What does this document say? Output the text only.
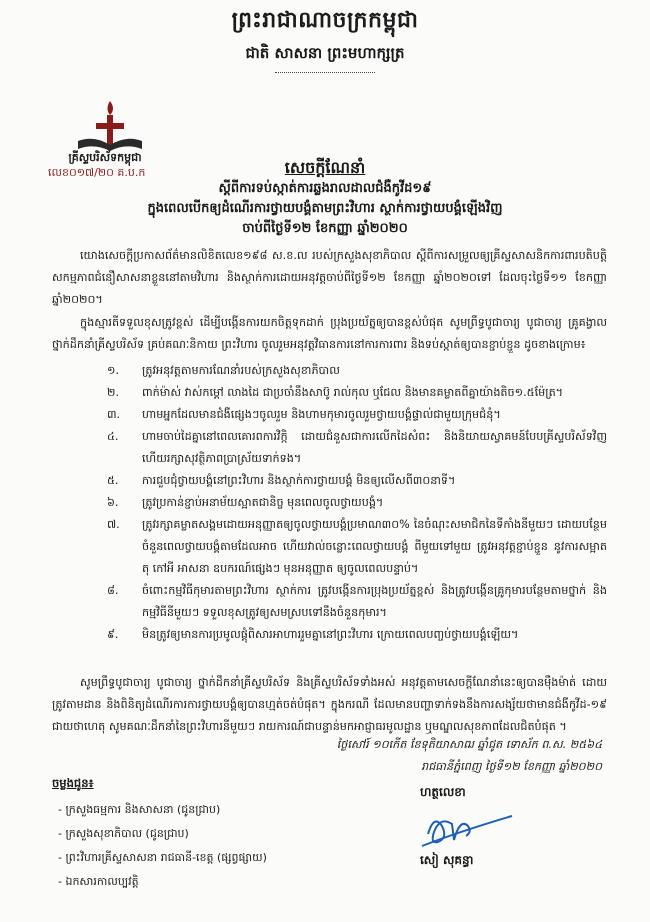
ព្រះរាជាណាចក្រកម្ពុជា
ជាតិ សាសនា ព្រះមហាក្សត្រ
គ្រីស្ទបរិស័ទកម្ពុជា
លេខ០១៧/២០ គ.ប.ក	សេចក្ដីណែនាំ
ស្ដីពីការទប់ស្កាត់ការឆ្លងរាលដាលជំងឺកូវីដ១៩
ក្នុងពេលបើកឲ្យដំណើរការថ្វាយបង្គំតាមព្រះវិហារ ស្ថាក់ការថ្វាយបង្គំឡើងវិញ
ចាប់ពីថ្ងៃទី១២ ខែកញ្ញា ឆ្នាំ២០២០
យោងសេចក្តីប្រកាសព័ត៌មានលិខិតលេខ១៩៨ ស.ខ.ល របស់ក្រសួងសុខាភិបាល ស្តីពីការសម្រួលឲ្យគ្រីស្ទសាសនិកការពារបតិបត្តិសកម្មភាពជំនឿសាសនាខ្លួននៅតាមវិហារ និងស្ថាក់ការដោយអនុវត្តចាប់ពីថ្ងៃទី១២ ខែកញ្ញា ឆ្នាំ២០២០ទៅ ដែលចុះថ្ងៃទី១១ ខែកញ្ញា ឆ្នាំ២០២០។
ក្នុងស្មារតីទទួលខុសត្រូវខ្ពស់ ដើម្បីបង្កើនការយកចិត្តទុកដាក់ ប្រុងប្រយ័ត្នឲ្យបានខ្ពស់បំផុត សូមព្រឹទ្ធបូជាចារ្យ បូជាចារ្យ គ្រូគង្វាល ថ្នាក់ដឹកនាំគ្រីស្ទបរិស័ទ គ្រប់គណៈនិកាយ ព្រះវិហារ ចូលរួមអនុវត្តវិធានការនៅការការពារ និងទប់ស្កាត់ឲ្យបានខ្ជាប់ខ្ជួន ដូចខាងក្រោម៖
១. ត្រូវអនុវត្តតាមការណែនាំរបស់ក្រសួងសុខាភិបាល
២. ពាក់ម៉ាស់ វាស់កម្ដៅ លាងដៃ ជាប្រចាំនឹងសាប៊ូ រាល់កុល ឬជែល និងមានគម្លាតពីគ្នាយ៉ាងតិច១.៥ម៉ែត្រ។
៣. ហាមអ្នកដែលមានជំងឺផ្សេងៗចូលរួម និងហាមកុមារចូលរួមថ្វាយបង្គំផ្ទាល់ជាមួយក្រុមជំនុំ។
៤. ហាមចាប់ដៃគ្នានៅពេលគោរពការវិក្កិ ដោយជំនួសជាការលើកដៃសំពះ និងនិយាយស្វាគមន៍បែបគ្រីស្ទបរិស័ទវិញ ហើយរក្សាសុវត្ថិភាពប្រាស្រ័យទាក់ទង។
៥. ការជួបជុំថ្វាយបង្គំនៅព្រះវិហារ និងស្ថាក់ការថ្វាយបង្គំ មិនឲ្យលើសពី៣០នាទី។
៦. ត្រូវប្រកាន់ខ្ជាប់អនាម័យស្អាតជានិច្ច មុនពេលចូលថ្វាយបង្គំ។
៧. ត្រូវរក្សាគម្លាតសង្គមដោយអនុញ្ញាតឲ្យចូលថ្វាយបង្គំប្រមាណ៣០% នៃចំណុះសមាជិកនៃទីកាំងនីមួយៗ ដោយបន្ថែមចំនួនពេលថ្វាយបង្គំតាមដែលអាច ហើយវាល់ចន្លោះពេលថ្វាយបង្គំ ពីមួយទៅមួយ ត្រូវអនុវត្តខ្ជាប់ខ្ជួន នូវការសម្អាត តុ កៅអី អាសនា ឧបករណ៍ផ្សេងៗ មុនអនុញ្ញាត ឲ្យចូលពេលបន្ទាប់។
៨. ចំពោះកម្មវិធីកុមារតាមព្រះវិហារ ស្ថាក់ការ ត្រូវបង្កើនការប្រុងប្រយ័ត្នខ្ពស់ និងត្រូវបង្កើនគ្រូកុមារបន្ថែមតាមថ្នាក់ និងកម្មវិធីនីមួយៗ ទទួលខុសត្រូវឲ្យសមស្របទៅនឹងចំនួនកុមារ។
៩. មិនត្រូវឲ្យមានការប្រមូលផ្ដុំពិសារអាហាររួមគ្នានៅព្រះវិហារ ក្រោយពេលបញ្ចប់ថ្វាយបង្គំឡើយ។
សូមព្រឹទ្ធបូជាចារ្យ បូជាចារ្យ ថ្នាក់ដឹកនាំគ្រីស្ទបរិស័ទ និងគ្រីស្ទបរិស័ទទាំងអស់ អនុវត្តតាមសេចក្ដីណែនាំនេះឲ្យបានម៉ឺងម៉ាត់ ដោយត្រូវតាមដាន និងពិនិត្យដំណើរការការថ្វាយបង្គំឲ្យបានហ្មត់ចត់បំផុត។ ក្នុងករណី ដែលមានបញ្ហាទាក់ទងនឹងការសង្ស័យថាមានជំងឺកូវីដ-១៩ ជាយថាហេតុ សូមគណៈដឹកនាំនៃព្រះវិហារនីមួយៗ រាយការណ៍ជាបន្ទាន់មកអាជ្ញាធរមូលដ្ឋាន ឬមណ្ឌលសុខភាពដែលជិតបំផុត ។
ថ្ងៃសៅរ៍ ១០កើត ខែទុតិយាសាឍ ឆ្នាំជូត ទោស័ក ព.ស. ២៥៦៤
រាជធានីភ្នំពេញ ថ្ងៃទី១២ ខែកញ្ញា ឆ្នាំ២០២០
ហត្ថលេខា
សៀ សុគន្ធា
ចម្លងជូន៖
- ក្រសួងធម្មការ និងសាសនា (ជូនជ្រាប)
- ក្រសួងសុខាភិបាល (ជូនជ្រាប)
- ព្រះវិហារគ្រីស្ទសាសនា រាជធានី-ខេត្ត (ផ្សព្វផ្សាយ)
- ឯកសារកាលប្បវត្តិ
